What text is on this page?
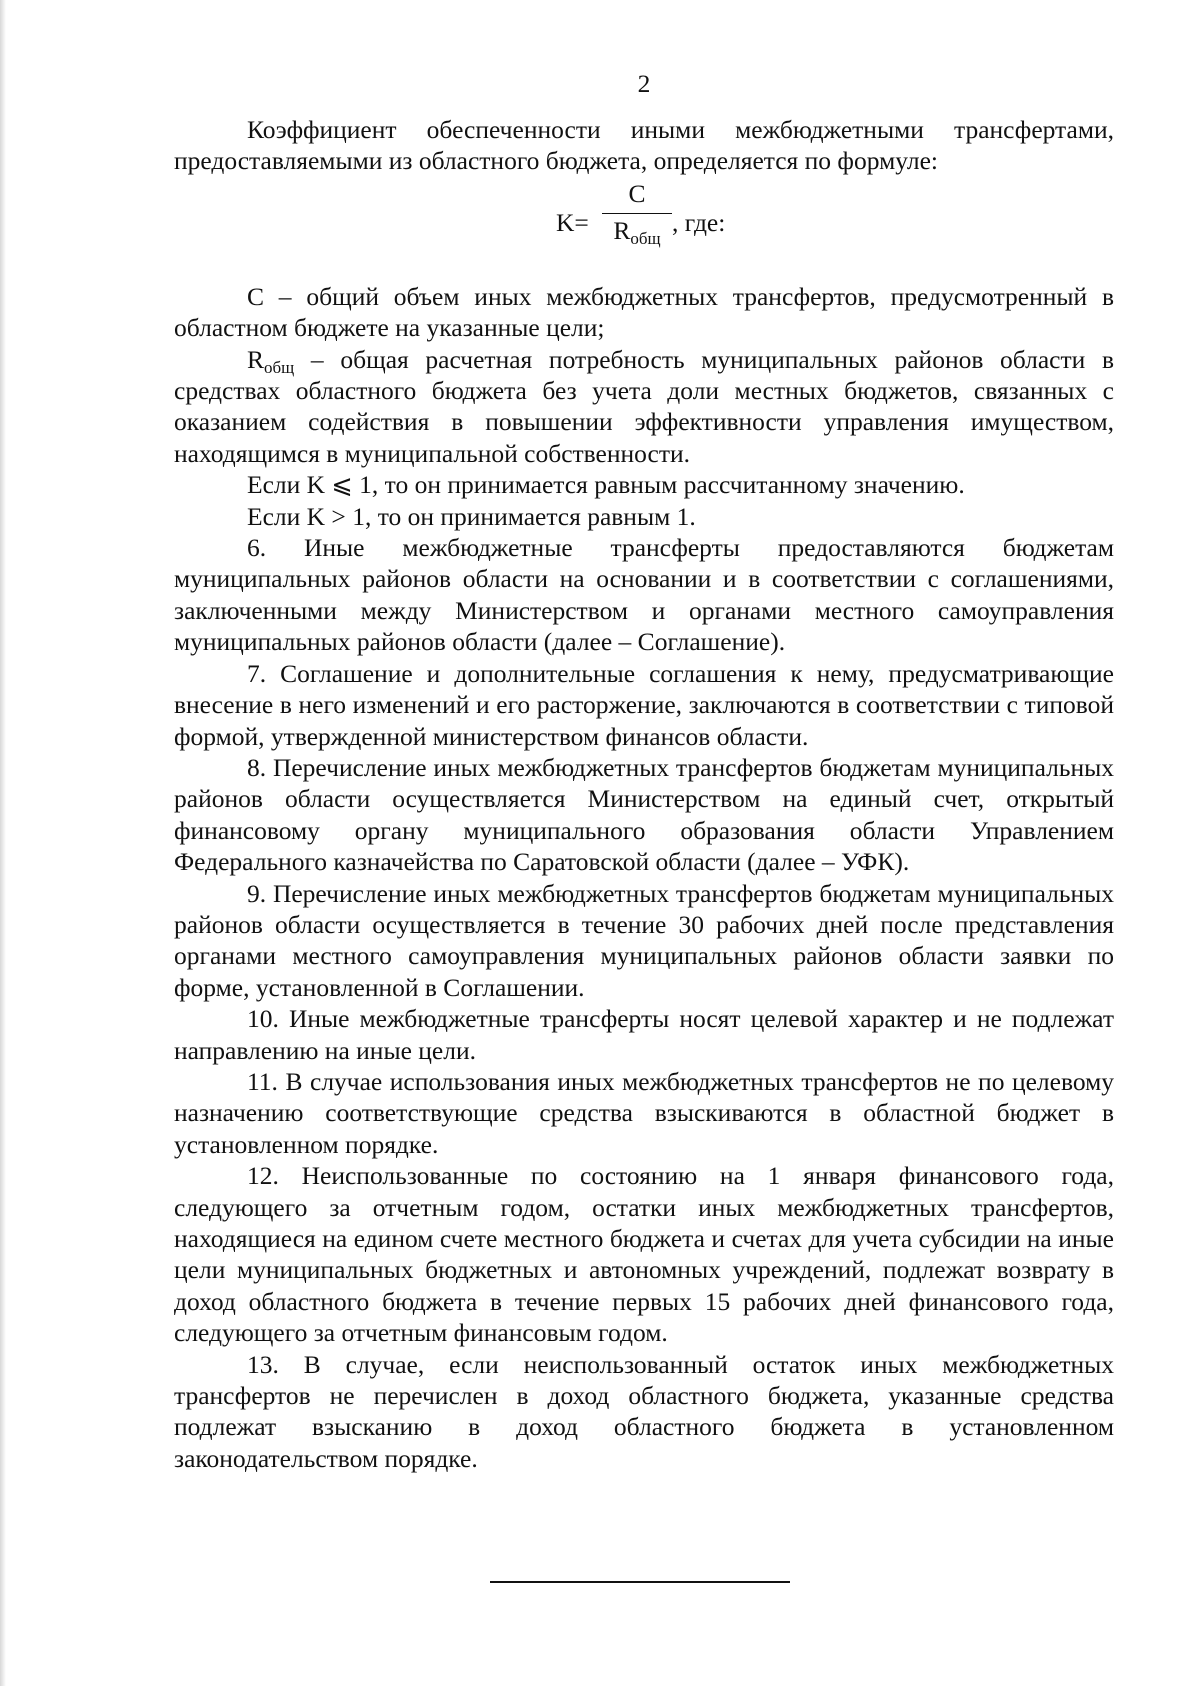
2

Коэффициент обеспеченности иными межбюджетными трансфертами, предоставляемыми из областного бюджета, определяется по формуле:

K=
C
$R_{общ}$
, где:

С – общий объем иных межбюджетных трансфертов, предусмотренный в областном бюджете на указанные цели;

$R_{общ}$ – общая расчетная потребность муниципальных районов области в средствах областного бюджета без учета доли местных бюджетов, связанных с оказанием содействия в повышении эффективности управления имуществом, находящимся в муниципальной собственности.

Если K ⩽ 1, то он принимается равным рассчитанному значению.

Если K > 1, то он принимается равным 1.

6. Иные межбюджетные трансферты предоставляются бюджетам муниципальных районов области на основании и в соответствии с соглашениями, заключенными между Министерством и органами местного самоуправления муниципальных районов области (далее – Соглашение).

7. Соглашение и дополнительные соглашения к нему, предусматривающие внесение в него изменений и его расторжение, заключаются в соответствии с типовой формой, утвержденной министерством финансов области.

8. Перечисление иных межбюджетных трансфертов бюджетам муниципальных районов области осуществляется Министерством на единый счет, открытый финансовому органу муниципального образования области Управлением Федерального казначейства по Саратовской области (далее – УФК).

9. Перечисление иных межбюджетных трансфертов бюджетам муниципальных районов области осуществляется в течение 30 рабочих дней после представления органами местного самоуправления муниципальных районов области заявки по форме, установленной в Соглашении.

10. Иные межбюджетные трансферты носят целевой характер и не подлежат направлению на иные цели.

11. В случае использования иных межбюджетных трансфертов не по целевому назначению соответствующие средства взыскиваются в областной бюджет в установленном порядке.

12. Неиспользованные по состоянию на 1 января финансового года, следующего за отчетным годом, остатки иных межбюджетных трансфертов, находящиеся на едином счете местного бюджета и счетах для учета субсидии на иные цели муниципальных бюджетных и автономных учреждений, подлежат возврату в доход областного бюджета в течение первых 15 рабочих дней финансового года, следующего за отчетным финансовым годом.

13. В случае, если неиспользованный остаток иных межбюджетных трансфертов не перечислен в доход областного бюджета, указанные средства подлежат взысканию в доход областного бюджета в установленном законодательством порядке.
